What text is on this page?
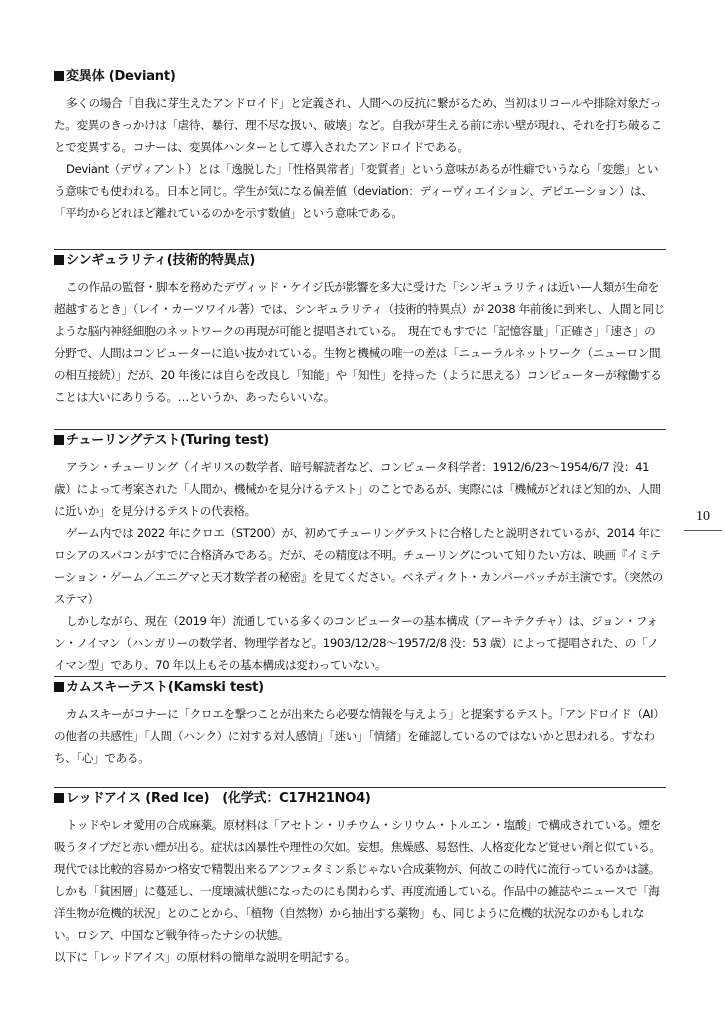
変異体 (Deviant)

多くの場合「自我に芽生えたアンドロイド」と定義され、人間への反抗に繋がるため、当初はリコールや排除対象だった。変異のきっかけは「虐待、暴行、理不尽な扱い、破壊」など。自我が芽生える前に赤い壁が現れ、それを打ち破ることで変異する。コナーは、変異体ハンターとして導入されたアンドロイドである。

Deviant（デヴィアント）とは「逸脱した」「性格異常者」「変質者」という意味があるが性癖でいうなら「変態」という意味でも使われる。日本と同じ。学生が気になる偏差値（deviation：ディーヴィエイション、デビエーション）は、「平均からどれほど離れているのかを示す数値」という意味である。

シンギュラリティ(技術的特異点)

この作品の監督・脚本を務めたデヴィッド・ケイジ氏が影響を多大に受けた「シンギュラリティは近い—人類が生命を超越するとき」（レイ・カーツワイル著）では、シンギュラリティ（技術的特異点）が 2038 年前後に到来し、人間と同じような脳内神経細胞のネットワークの再現が可能と提唱されている。　現在でもすでに「記憶容量」「正確さ」「速さ」の分野で、人間はコンピューターに追い抜かれている。生物と機械の唯一の差は「ニューラルネットワーク（ニューロン間の相互接続）」だが、20 年後には自らを改良し「知能」や「知性」を持った（ように思える）コンピューターが稼働することは大いにありうる。…というか、あったらいいな。

チューリングテスト(Turing test)

アラン・チューリング（イギリスの数学者、暗号解読者など、コンピュータ科学者：1912/6/23～1954/6/7 没：41 歳）によって考案された「人間か、機械かを見分けるテスト」のことであるが、実際には「機械がどれほど知的か、人間に近いか」を見分けるテストの代表格。

ゲーム内では 2022 年にクロエ（ST200）が、初めてチューリングテストに合格したと説明されているが、2014 年にロシアのスパコンがすでに合格済みである。だが、その精度は不明。チューリングについて知りたい方は、映画『イミテーション・ゲーム／エニグマと天才数学者の秘密』を見てください。ベネディクト・カンバーバッチが主演です。（突然のステマ）

しかしながら、現在（2019 年）流通している多くのコンピューターの基本構成（アーキテクチャ）は、ジョン・フォン・ノイマン（ハンガリーの数学者、物理学者など。1903/12/28～1957/2/8 没：53 歳）によって提唱された、の「ノイマン型」であり、70 年以上もその基本構成は変わっていない。

カムスキーテスト(Kamski test)

カムスキーがコナーに「クロエを撃つことが出来たら必要な情報を与えよう」と提案するテスト。「アンドロイド（AI）の他者の共感性」「人間（ハンク）に対する対人感情」「迷い」「情緒」を確認しているのではないかと思われる。すなわち、「心」である。

レッドアイス (Red Ice)　(化学式：C17H21NO4)

トッドやレオ愛用の合成麻薬。原材料は「アセトン・リチウム・シリウム・トルエン・塩酸」で構成されている。煙を吸うタイプだと赤い煙が出る。症状は凶暴性や理性の欠如。妄想。焦燥感、易怒性、人格変化など覚せい剤と似ている。現代では比較的容易かつ格安で精製出来るアンフェタミン系じゃない合成薬物が、何故この時代に流行っているかは謎。しかも「貧困層」に蔓延し、一度壊滅状態になったのにも関わらず、再度流通している。作品中の雑誌やニュースで「海洋生物が危機的状況」とのことから、「植物（自然物）から抽出する薬物」も、同じように危機的状況なのかもしれない。ロシア、中国など戦争待ったナシの状態。

以下に「レッドアイス」の原材料の簡単な説明を明記する。

10
